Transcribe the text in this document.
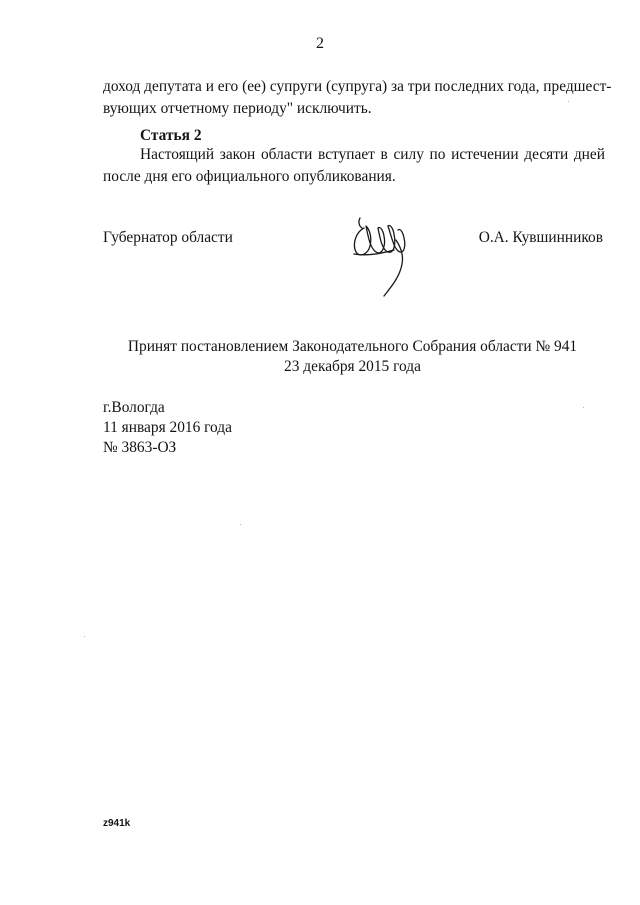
2
доход депутата и его (ее) супруги (супруга) за три последних года, предшест-
вующих отчетному периоду" исключить.
Статья 2
Настоящий закон области вступает в силу по истечении десяти дней
после дня его официального опубликования.
Губернатор области	О.А. Кувшинников
Принят постановлением Законодательного Собрания области № 941
23 декабря 2015 года
г.Вологда
11 января 2016 года
№ 3863-ОЗ
z941k
